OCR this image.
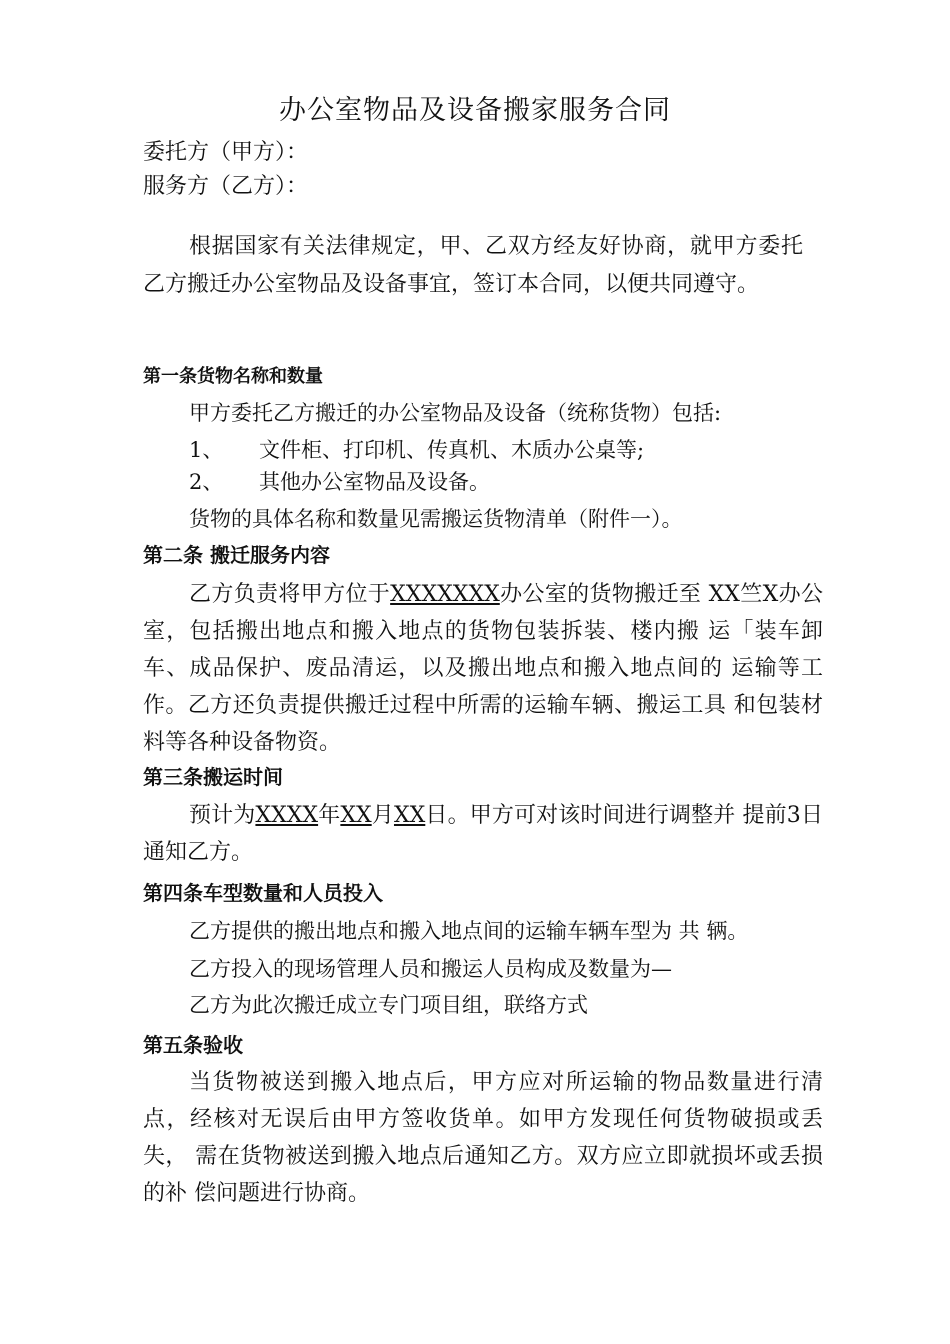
办公室物品及设备搬家服务合同
委托方（甲方）：
服务方（乙方）：
根据国家有关法律规定，甲、乙双方经友好协商，就甲方委托乙方搬迁办公室物品及设备事宜，签订本合同，以便共同遵守。
第一条货物名称和数量
甲方委托乙方搬迁的办公室物品及设备（统称货物）包括:
1、 文件柜、打印机、传真机、木质办公桌等;
2、 其他办公室物品及设备。
货物的具体名称和数量见需搬运货物清单（附件一）。
第二条 搬迁服务内容
乙方负责将甲方位于XXXXXXX办公室的货物搬迁至 XX竺X办公室，包括搬出地点和搬入地点的货物包装拆装、楼内搬 运「装车卸车、成品保护、废品清运，以及搬出地点和搬入地点间的 运输等工作。乙方还负责提供搬迁过程中所需的运输车辆、搬运工具 和包装材料等各种设备物资。
第三条搬运时间
预计为XXXX年XX月XX日。甲方可对该时间进行调整并 提前3日通知乙方。
第四条车型数量和人员投入
乙方提供的搬出地点和搬入地点间的运输车辆车型为 共 辆。
乙方投入的现场管理人员和搬运人员构成及数量为—
乙方为此次搬迁成立专门项目组，联络方式
第五条验收
当货物被送到搬入地点后，甲方应对所运输的物品数量进行清点，经核对无误后由甲方签收货单。如甲方发现任何货物破损或丢失， 需在货物被送到搬入地点后通知乙方。双方应立即就损坏或丢损的补 偿问题进行协商。
